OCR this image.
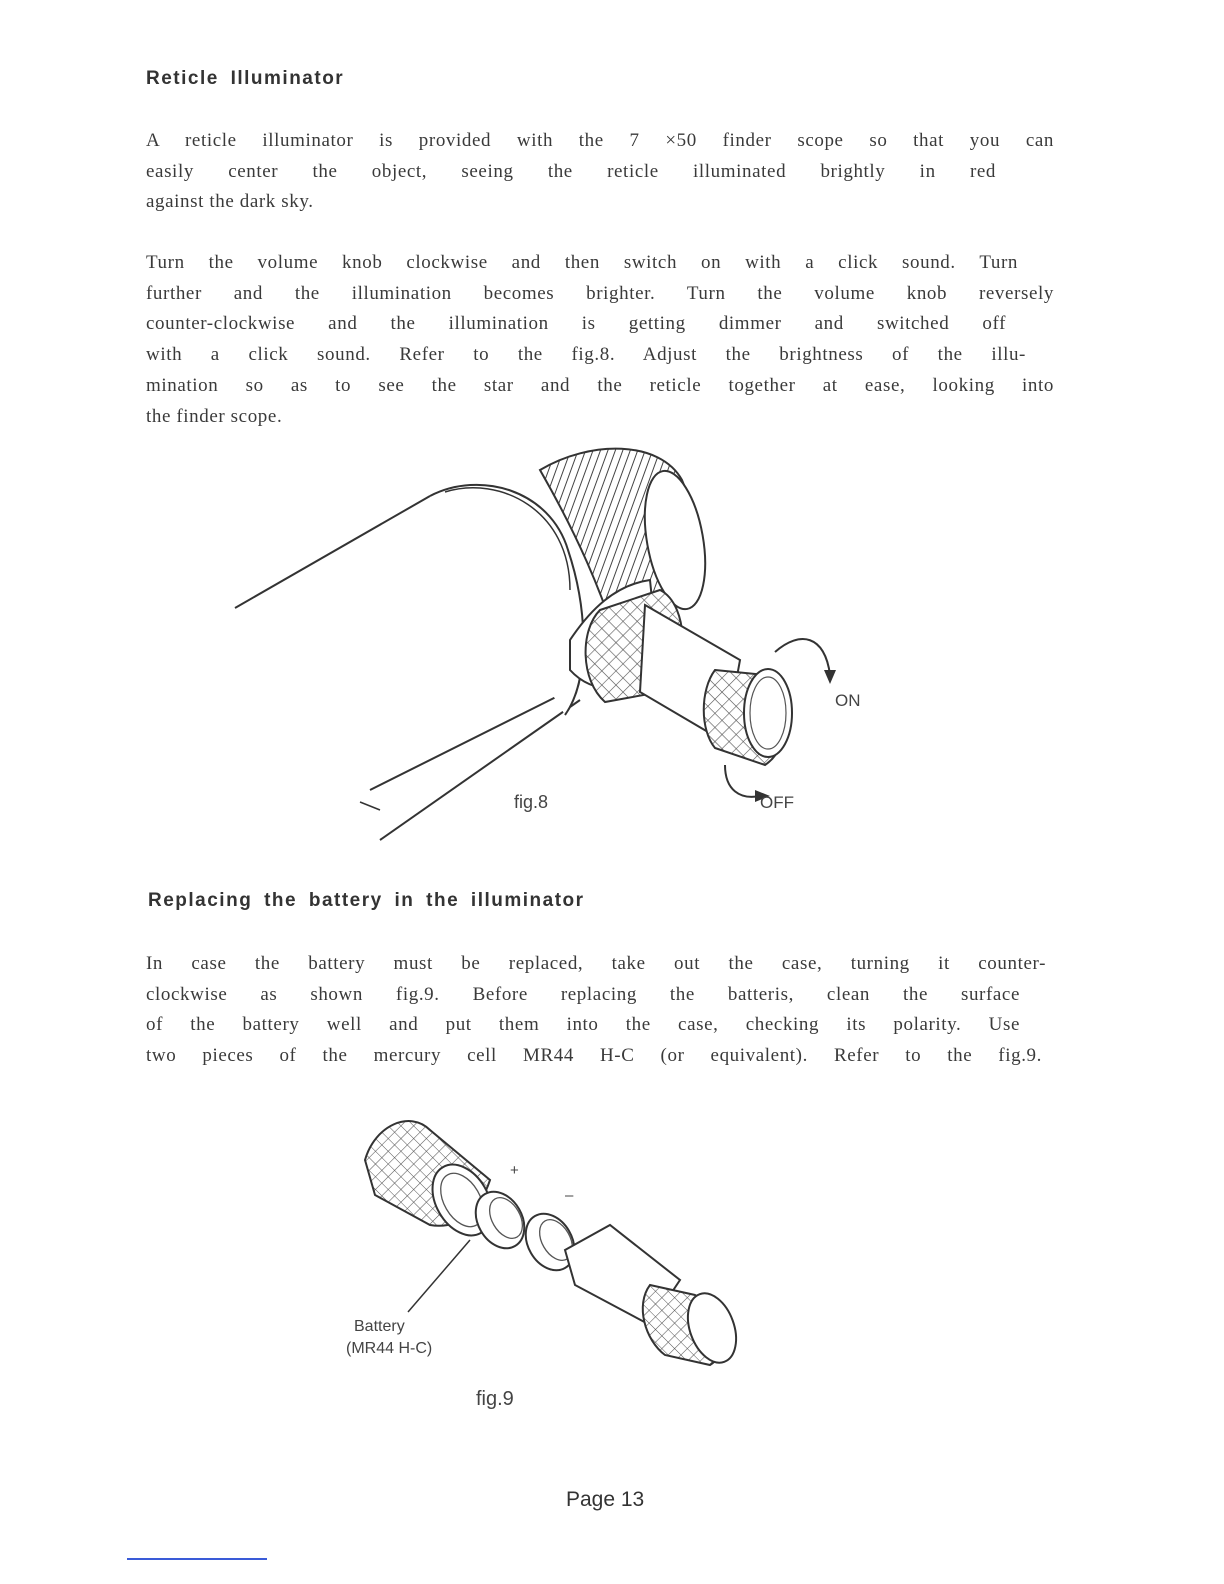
Reticle Illuminator

A reticle illuminator is provided with the 7 ×50 finder scope so that you can
easily center the object, seeing the reticle illuminated brightly in red
against the dark sky.

Turn the volume knob clockwise and then switch on with a click sound. Turn
further and the illumination becomes brighter. Turn the volume knob reversely
counter-clockwise and the illumination is getting dimmer and switched off
with a click sound. Refer to the fig.8. Adjust the brightness of the illu-
mination so as to see the star and the reticle together at ease, looking into
the finder scope.

ON
OFF
fig.8
Replacing the battery in the illuminator

In case the battery must be replaced, take out the case, turning it counter-
clockwise as shown fig.9. Before replacing the batteris, clean the surface
of the battery well and put them into the case, checking its polarity. Use
two pieces of the mercury cell MR44 H-C (or equivalent). Refer to the fig.9.

+
–
Battery
(MR44 H-C)
fig.9
Page 13
